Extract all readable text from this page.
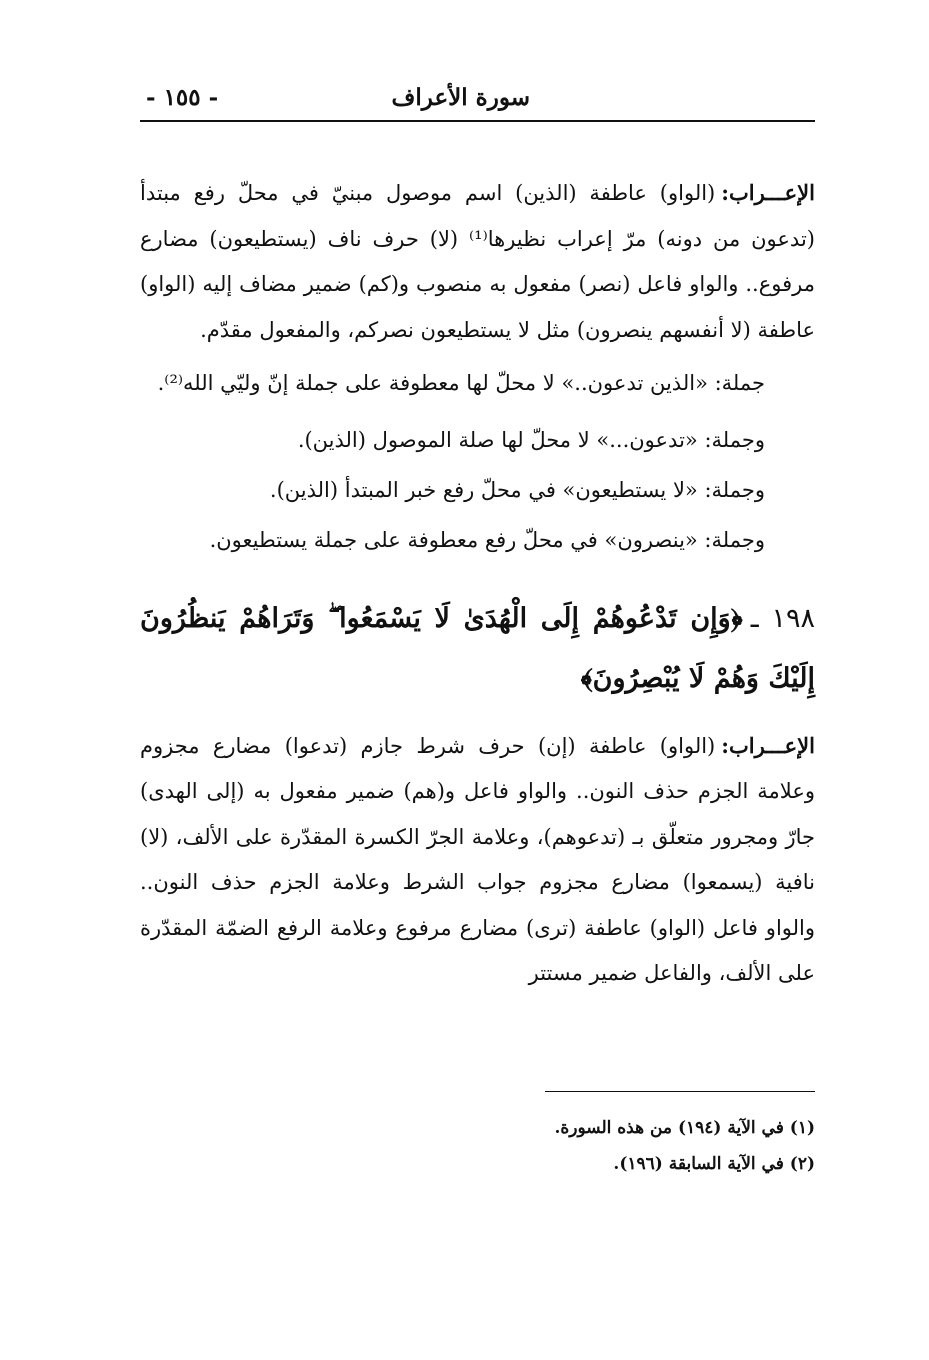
سورة الأعراف
- ١٥٥ -

الإعـــراب:(الواو) عاطفة (الذين) اسم موصول مبنيّ في محلّ رفع مبتدأ (تدعون من دونه) مرّ إعراب نظيرها⁽¹⁾ (لا) حرف ناف (يستطيعون) مضارع مرفوع.. والواو فاعل (نصر) مفعول به منصوب و(كم) ضمير مضاف إليه (الواو) عاطفة (لا أنفسهم ينصرون) مثل لا يستطيعون نصركم، والمفعول مقدّم.

جملة: «الذين تدعون..» لا محلّ لها معطوفة على جملة إنّ وليّي الله⁽²⁾.

وجملة: «تدعون...» لا محلّ لها صلة الموصول (الذين).

وجملة: «لا يستطيعون» في محلّ رفع خبر المبتدأ (الذين).

وجملة: «ينصرون» في محلّ رفع معطوفة على جملة يستطيعون.

١٩٨ ـ﴿وَإِن تَدْعُوهُمْ إِلَى الْهُدَىٰ لَا يَسْمَعُوا ۖ وَتَرَاهُمْ يَنظُرُونَ إِلَيْكَ وَهُمْ لَا يُبْصِرُونَ﴾

الإعـــراب:(الواو) عاطفة (إن) حرف شرط جازم (تدعوا) مضارع مجزوم وعلامة الجزم حذف النون.. والواو فاعل و(هم) ضمير مفعول به (إلى الهدى) جارّ ومجرور متعلّق بـ (تدعوهم)، وعلامة الجرّ الكسرة المقدّرة على الألف، (لا) نافية (يسمعوا) مضارع مجزوم جواب الشرط وعلامة الجزم حذف النون.. والواو فاعل (الواو) عاطفة (ترى) مضارع مرفوع وعلامة الرفع الضمّة المقدّرة على الألف، والفاعل ضمير مستتر

(١) في الآية (١٩٤) من هذه السورة.

(٢) في الآية السابقة (١٩٦).
